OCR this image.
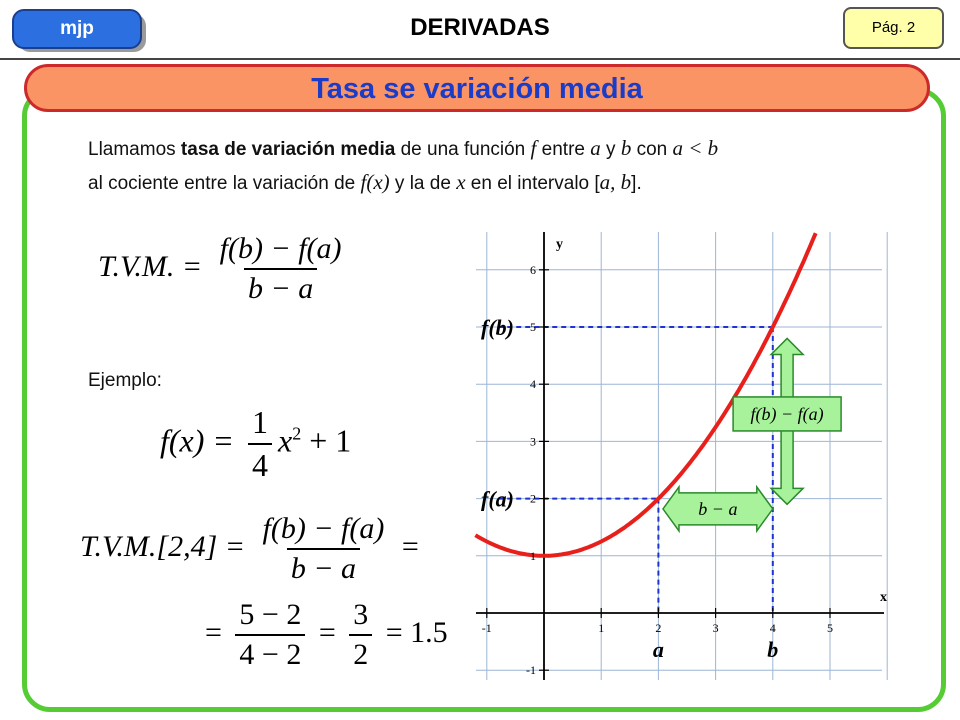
mjp	DERIVADAS	Pág. 2
Tasa se variación media
Llamamos tasa de variación media de una función f entre a y b con a < b
al cociente entre la variación de f(x) y la de x en el intervalo [a, b].
T.V.M. = $\frac{f(b) - f(a)}{b - a}$
Ejemplo:
$f(x) = \frac{1}{4} x^2 + 1$
$T.V.M.[2,4] = \frac{f(b) - f(a)}{b - a}$ =
= $\frac{5 - 2}{4 - 2} = \frac{3}{2} = 1.5$
f(b) − f(a)
b − a
y
x
f(b)
f(a)
a	b
-1	1	2	3	4	5
-1
1
2
3
4
5
6
